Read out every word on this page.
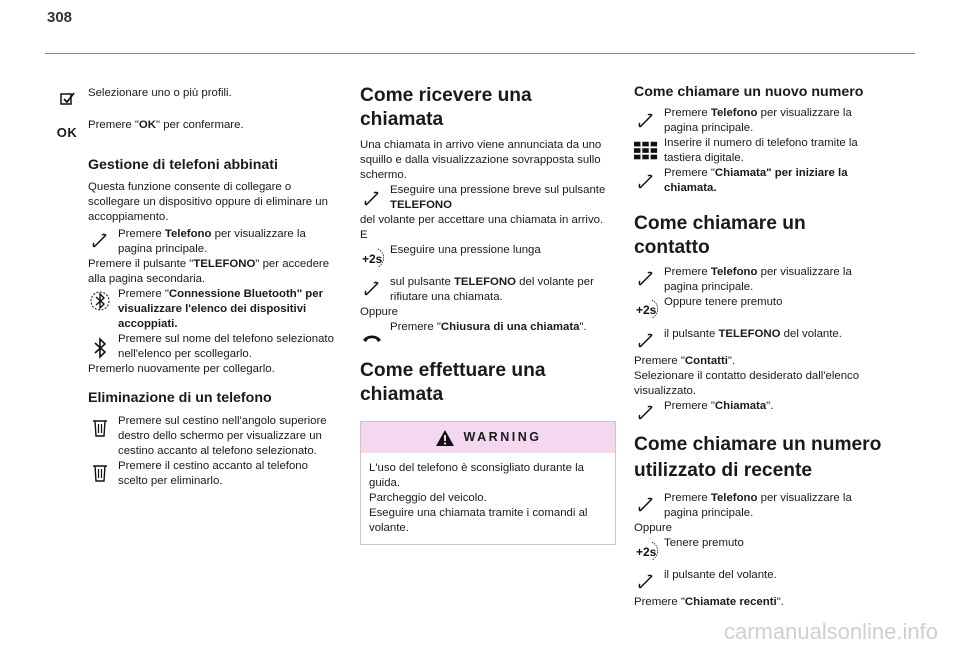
308

Selezionare uno o più profili.

OK Premere "OK" per confermare.

Gestione di telefoni abbinati

Questa funzione consente di collegare o scollegare un dispositivo oppure di eliminare un accoppiamento.

Premere Telefono per visualizzare la pagina principale.

Premere il pulsante "TELEFONO" per accedere alla pagina secondaria.

Premere "Connessione Bluetooth" per visualizzare l'elenco dei dispositivi accoppiati.

Premere sul nome del telefono selezionato nell'elenco per scollegarlo.

Premerlo nuovamente per collegarlo.

Eliminazione di un telefono

Premere sul cestino nell'angolo superiore destro dello schermo per visualizzare un cestino accanto al telefono selezionato.

Premere il cestino accanto al telefono scelto per eliminarlo.

Come ricevere una chiamata

Una chiamata in arrivo viene annunciata da uno squillo e dalla visualizzazione sovrapposta sullo schermo.

Eseguire una pressione breve sul pulsante TELEFONO

del volante per accettare una chiamata in arrivo.

E

+2s

Eseguire una pressione lunga

sul pulsante TELEFONO del volante per rifiutare una chiamata.

Oppure

Premere "Chiusura di una chiamata".

Come effettuare una chiamata
WARNING

L'uso del telefono è sconsigliato durante la guida.

Parcheggio del veicolo.

Eseguire una chiamata tramite i comandi al volante.

Come chiamare un nuovo numero

Premere Telefono per visualizzare la pagina principale.

Inserire il numero di telefono tramite la tastiera digitale.

Premere "Chiamata" per iniziare la chiamata.

Come chiamare un contatto

Premere Telefono per visualizzare la pagina principale.

+2s

Oppure tenere premuto

il pulsante TELEFONO del volante.

Premere "Contatti".

Selezionare il contatto desiderato dall'elenco visualizzato.

Premere "Chiamata".

Come chiamare un numero utilizzato di recente

Premere Telefono per visualizzare la pagina principale.

Oppure

+2s

Tenere premuto

il pulsante del volante.

Premere "Chiamate recenti".

carmanualsonline.info
